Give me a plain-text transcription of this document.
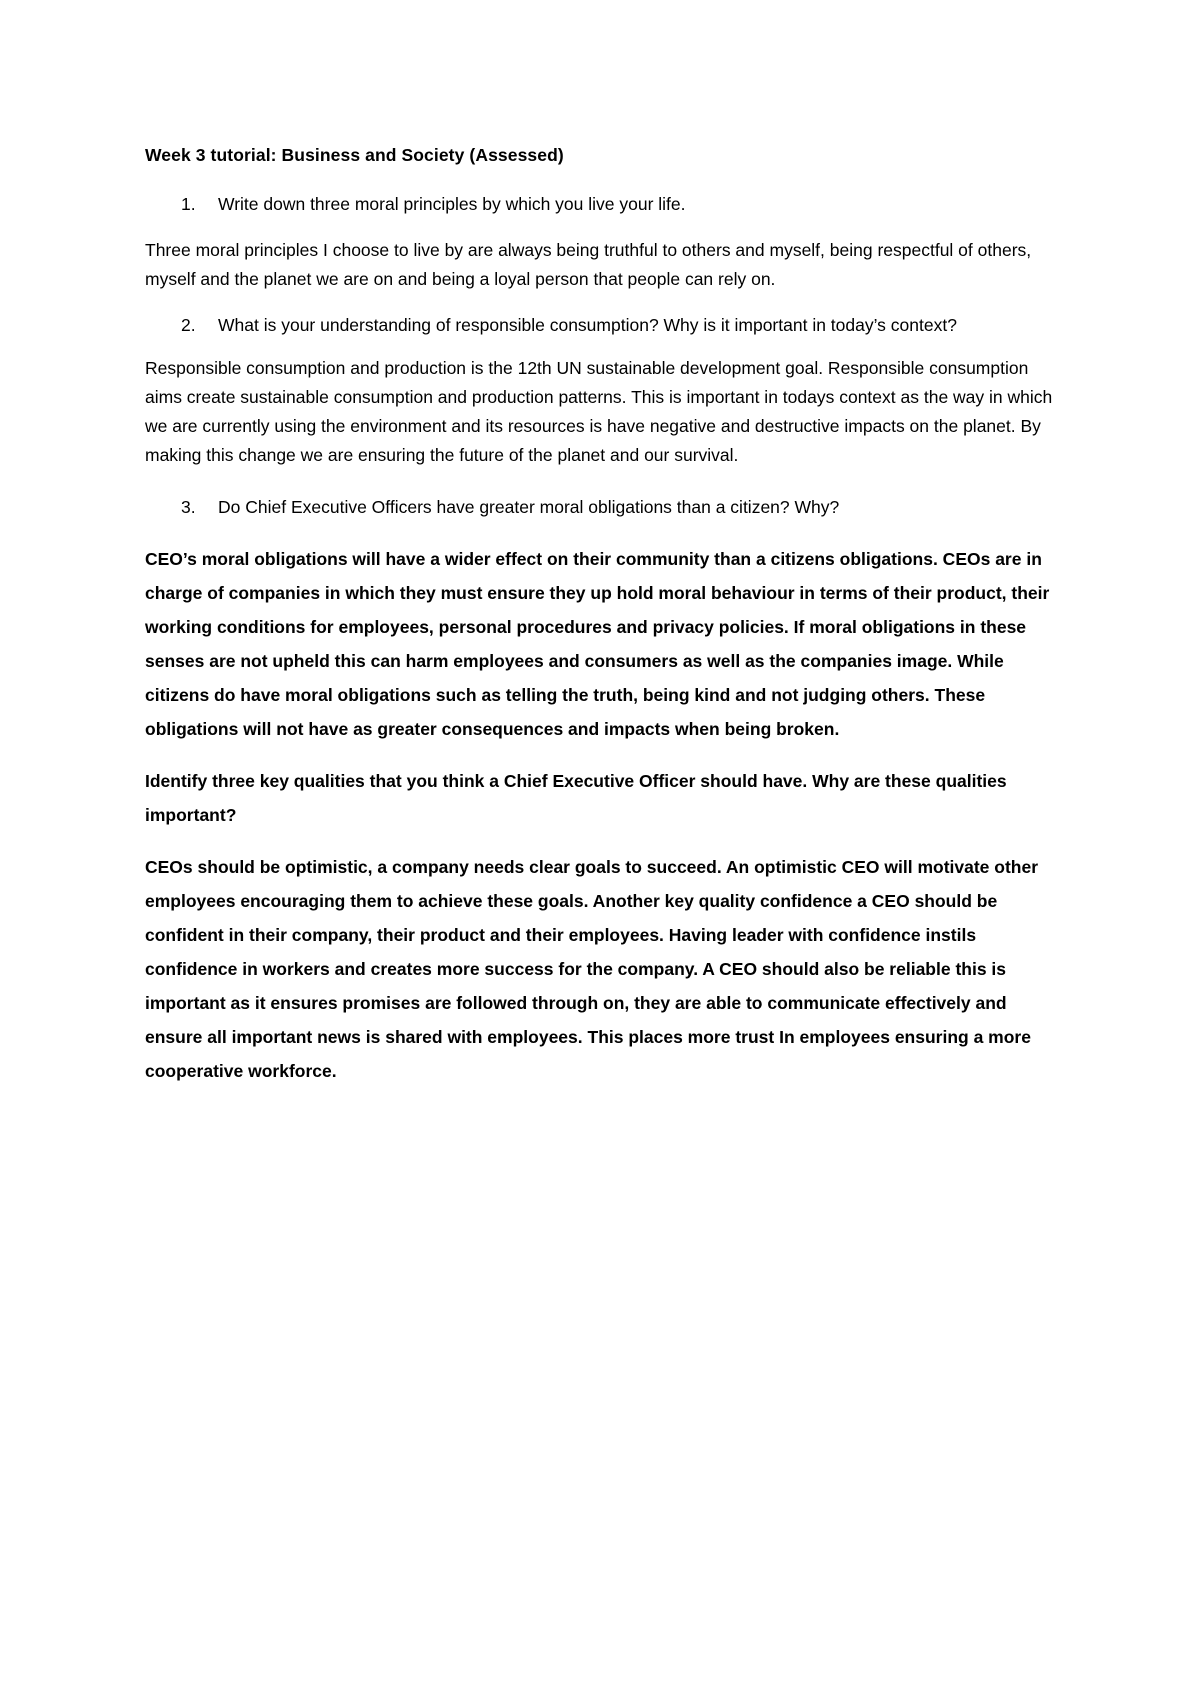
Week 3 tutorial: Business and Society (Assessed)
1.	Write down three moral principles by which you live your life.
Three moral principles I choose to live by are always being truthful to others and myself, being respectful of others, myself and the planet we are on and being a loyal person that people can rely on.
2.	What is your understanding of responsible consumption? Why is it important in today’s context?
Responsible consumption and production is the 12th UN sustainable development goal. Responsible consumption aims create sustainable consumption and production patterns. This is important in todays context as the way in which we are currently using the environment and its resources is have negative and destructive impacts on the planet. By making this change we are ensuring the future of the planet and our survival.
3.	Do Chief Executive Officers have greater moral obligations than a citizen? Why?
CEO’s moral obligations will have a wider effect on their community than a citizens obligations. CEOs are in charge of companies in which they must ensure they up hold moral behaviour in terms of their product, their working conditions for employees, personal procedures and privacy policies. If moral obligations in these senses are not upheld this can harm employees and consumers as well as the companies image. While citizens do have moral obligations such as telling the truth, being kind and not judging others. These obligations will not have as greater consequences and impacts when being broken.
Identify three key qualities that you think a Chief Executive Officer should have. Why are these qualities important?
CEOs should be optimistic, a company needs clear goals to succeed. An optimistic CEO will motivate other employees encouraging them to achieve these goals. Another key quality confidence a CEO should be confident in their company, their product and their employees. Having leader with confidence instils confidence in workers and creates more success for the company. A CEO should also be reliable this is important as it ensures promises are followed through on, they are able to communicate effectively and ensure all important news is shared with employees. This places more trust In employees ensuring a more cooperative workforce.
